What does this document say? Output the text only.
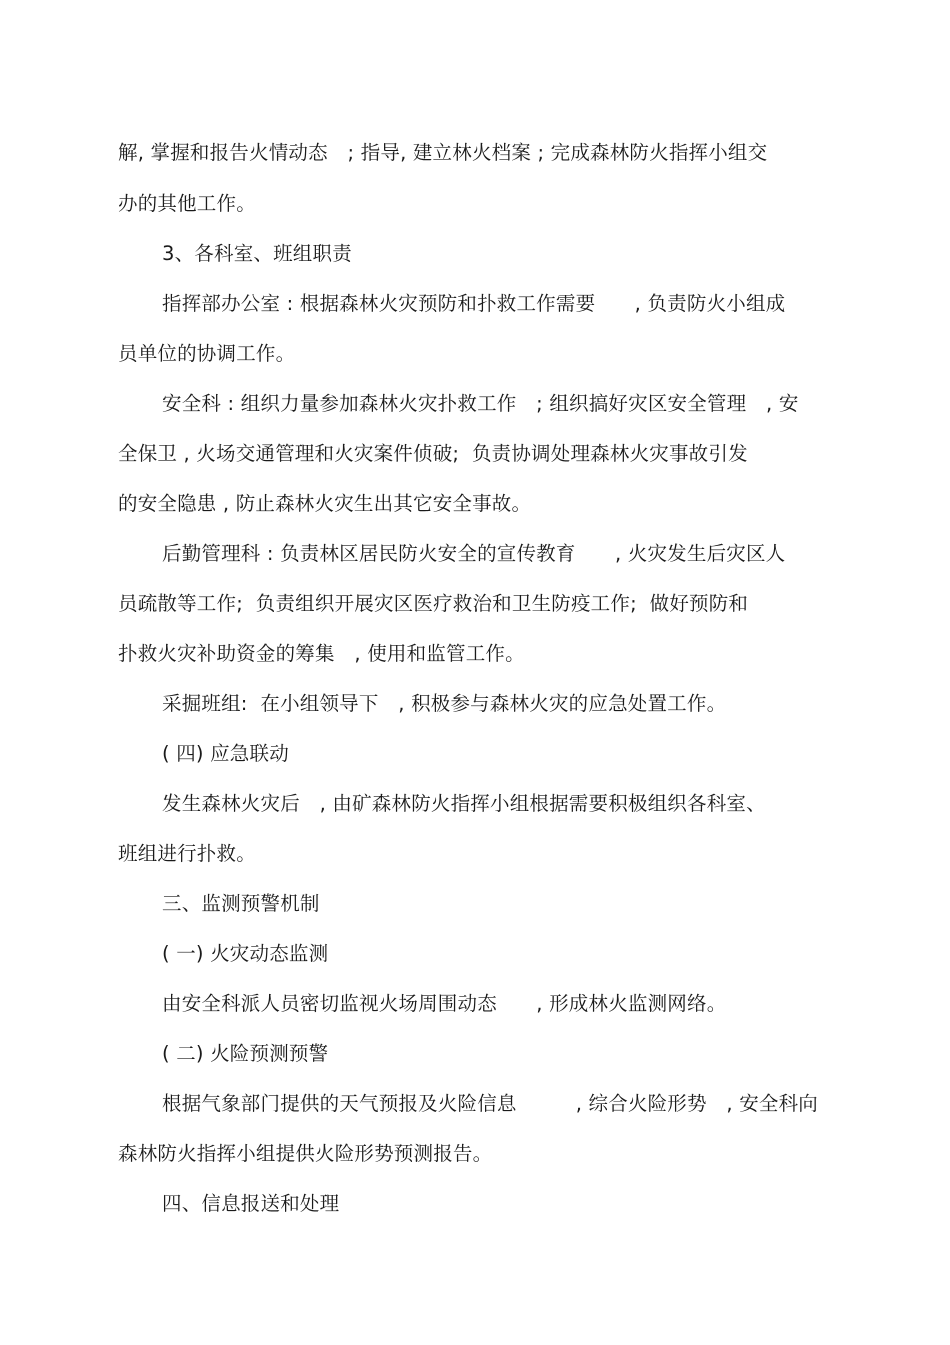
解, 掌握和报告火情动态　; 指导, 建立林火档案 ; 完成森林防火指挥小组交
办的其他工作。
3、各科室、班组职责
指挥部办公室 : 根据森林火灾预防和扑救工作需要　　, 负责防火小组成
员单位的协调工作。
安全科 : 组织力量参加森林火灾扑救工作　; 组织搞好灾区安全管理　, 安
全保卫 , 火场交通管理和火灾案件侦破;  负责协调处理森林火灾事故引发
的安全隐患 , 防止森林火灾生出其它安全事故。
后勤管理科 : 负责林区居民防火安全的宣传教育　　, 火灾发生后灾区人
员疏散等工作;  负责组织开展灾区医疗救治和卫生防疫工作;  做好预防和
扑救火灾补助资金的筹集　, 使用和监管工作。
采掘班组:  在小组领导下　, 积极参与森林火灾的应急处置工作。
( 四) 应急联动
发生森林火灾后　, 由矿森林防火指挥小组根据需要积极组织各科室、
班组进行扑救。
三、监测预警机制
( 一) 火灾动态监测
由安全科派人员密切监视火场周围动态　　, 形成林火监测网络。
( 二) 火险预测预警
根据气象部门提供的天气预报及火险信息　　　, 综合火险形势　, 安全科向
森林防火指挥小组提供火险形势预测报告。
四、信息报送和处理
